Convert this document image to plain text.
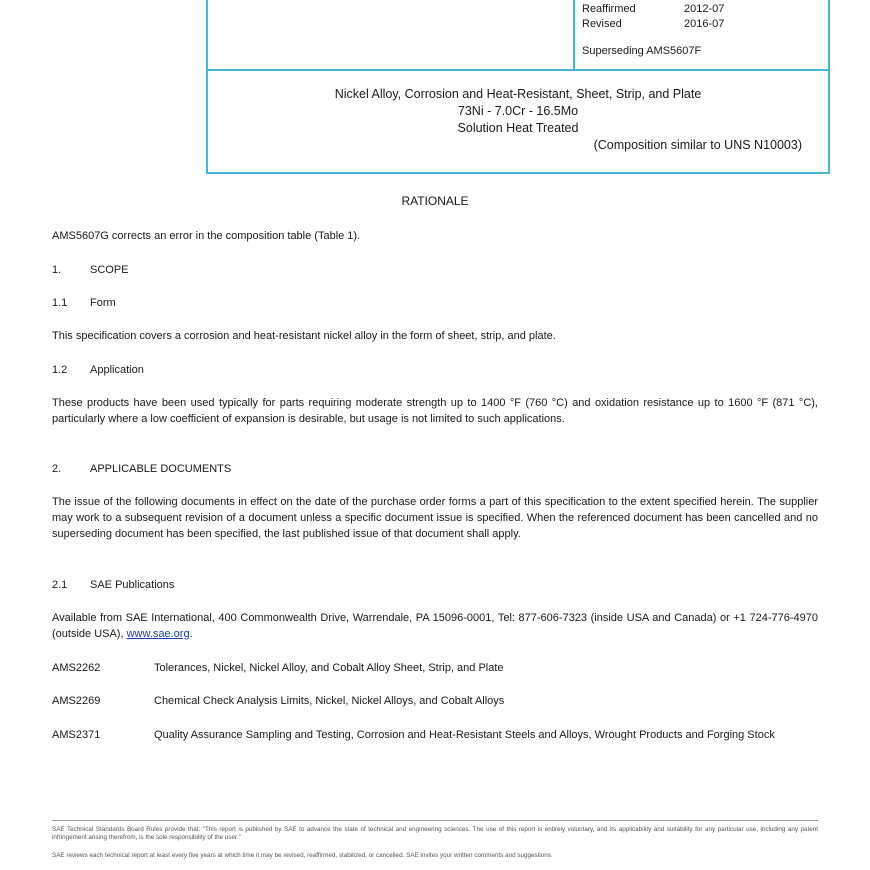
Reaffirmed	2012-07
Revised	2016-07
Superseding AMS5607F
Nickel Alloy, Corrosion and Heat-Resistant, Sheet, Strip, and Plate
73Ni - 7.0Cr - 16.5Mo
Solution Heat Treated
(Composition similar to UNS N10003)
RATIONALE
AMS5607G corrects an error in the composition table (Table 1).
1.	SCOPE
1.1 Form
This specification covers a corrosion and heat-resistant nickel alloy in the form of sheet, strip, and plate.
1.2 Application
These products have been used typically for parts requiring moderate strength up to 1400 °F (760 °C) and oxidation resistance up to 1600 °F (871 °C), particularly where a low coefficient of expansion is desirable, but usage is not limited to such applications.
2.	APPLICABLE DOCUMENTS
The issue of the following documents in effect on the date of the purchase order forms a part of this specification to the extent specified herein. The supplier may work to a subsequent revision of a document unless a specific document issue is specified. When the referenced document has been cancelled and no superseding document has been specified, the last published issue of that document shall apply.
2.1 SAE Publications
Available from SAE International, 400 Commonwealth Drive, Warrendale, PA 15096-0001, Tel: 877-606-7323 (inside USA and Canada) or +1 724-776-4970 (outside USA), www.sae.org.
AMS2262	Tolerances, Nickel, Nickel Alloy, and Cobalt Alloy Sheet, Strip, and Plate
AMS2269	Chemical Check Analysis Limits, Nickel, Nickel Alloys, and Cobalt Alloys
AMS2371	Quality Assurance Sampling and Testing, Corrosion and Heat-Resistant Steels and Alloys, Wrought Products and Forging Stock
SAE Technical Standards Board Rules provide that: "This report is published by SAE to advance the state of technical and engineering sciences. The use of this report is entirely voluntary, and its applicability and suitability for any particular use, including any patent infringement arising therefrom, is the sole responsibility of the user."
SAE reviews each technical report at least every five years at which time it may be revised, reaffirmed, stabilized, or cancelled. SAE invites your written comments and suggestions.
